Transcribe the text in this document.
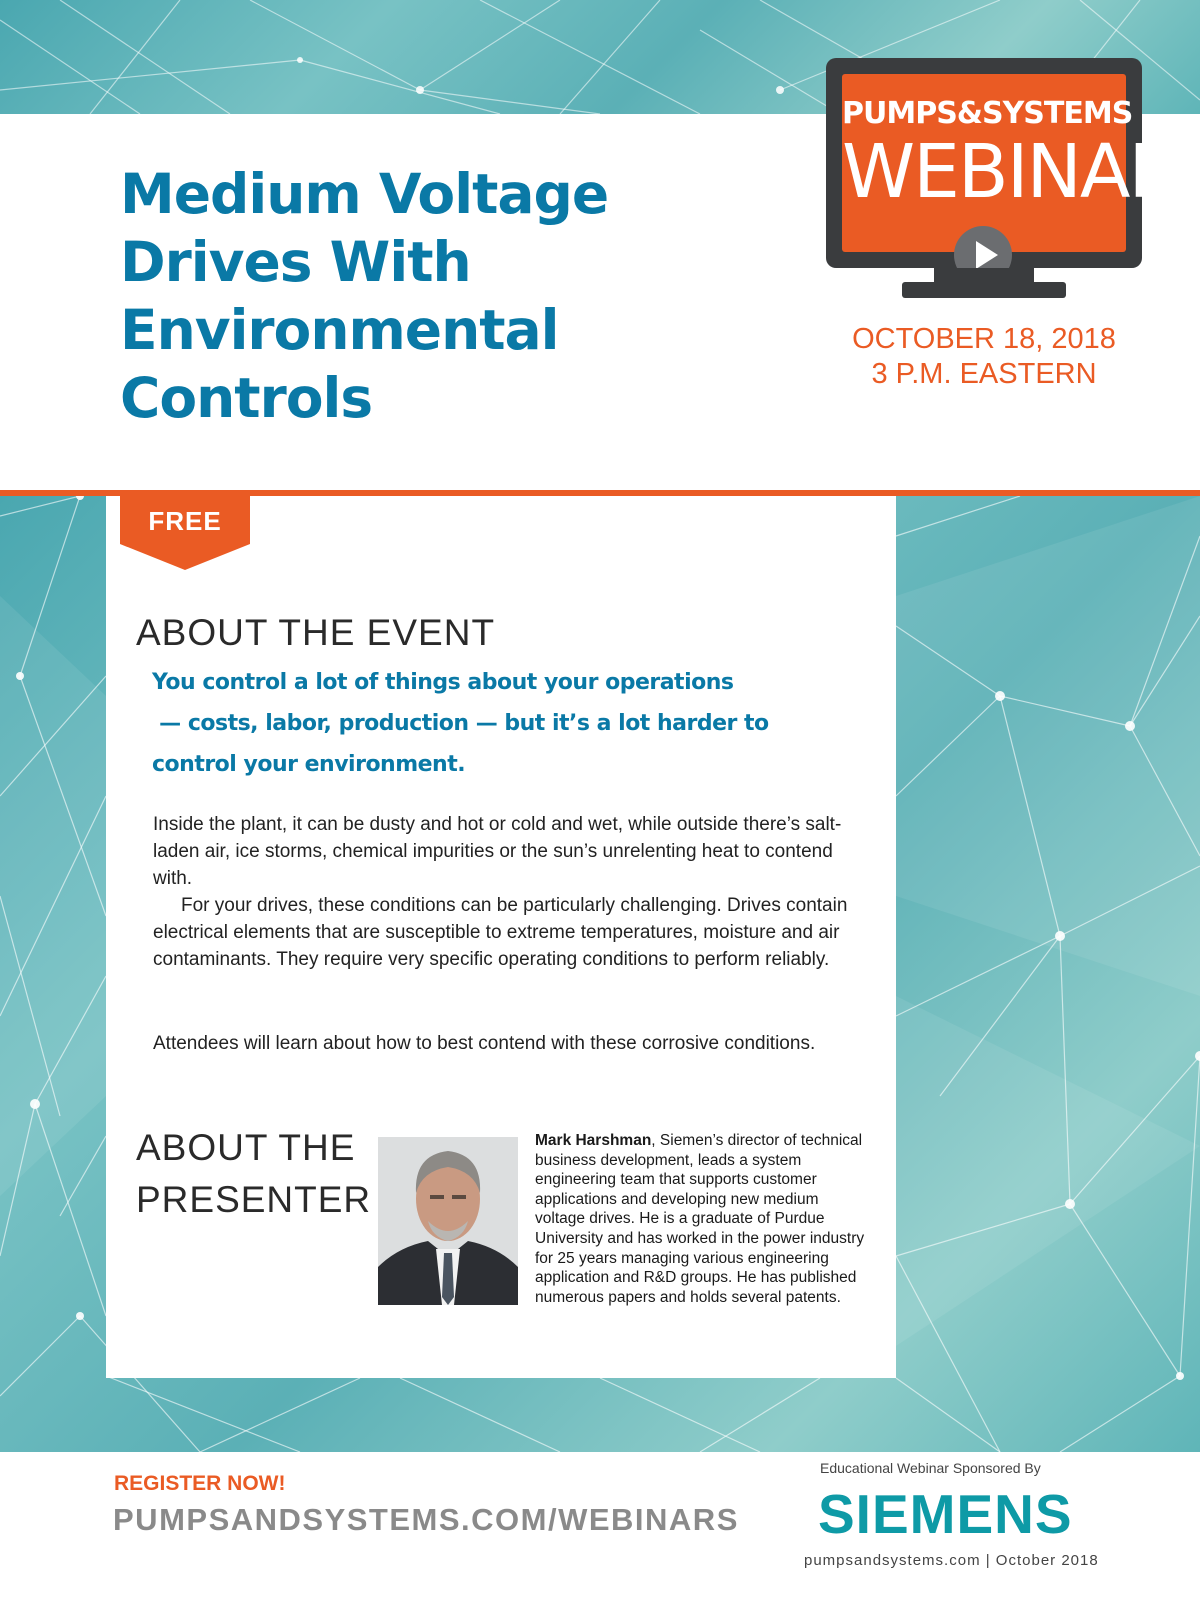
Medium Voltage
Drives With
Environmental
Controls
PUMPS&SYSTEMS
WEBINAR

OCTOBER 18, 2018
3 P.M. EASTERN

FREE
ABOUT THE EVENT

You control a lot of things about your operations
— costs, labor, production — but it’s a lot harder to
control your environment.

Inside the plant, it can be dusty and hot or cold and wet, while outside there’s salt-laden air, ice storms, chemical impurities or the sun’s unrelenting heat to contend with.
For your drives, these conditions can be particularly challenging. Drives contain electrical elements that are susceptible to extreme temperatures, moisture and air contaminants. They require very specific operating conditions to perform reliably.

Attendees will learn about how to best contend with these corrosive conditions.

ABOUT THE
PRESENTER

Mark Harshman, Siemen’s director of technical business development, leads a system engineering team that supports customer applications and developing new medium voltage drives. He is a graduate of Purdue University and has worked in the power industry for 25 years managing various engineering application and R&D groups. He has published numerous papers and holds several patents.

REGISTER NOW!
PUMPSANDSYSTEMS.COM/WEBINARS
Educational Webinar Sponsored By
SIEMENS
pumpsandsystems.com | October 2018
